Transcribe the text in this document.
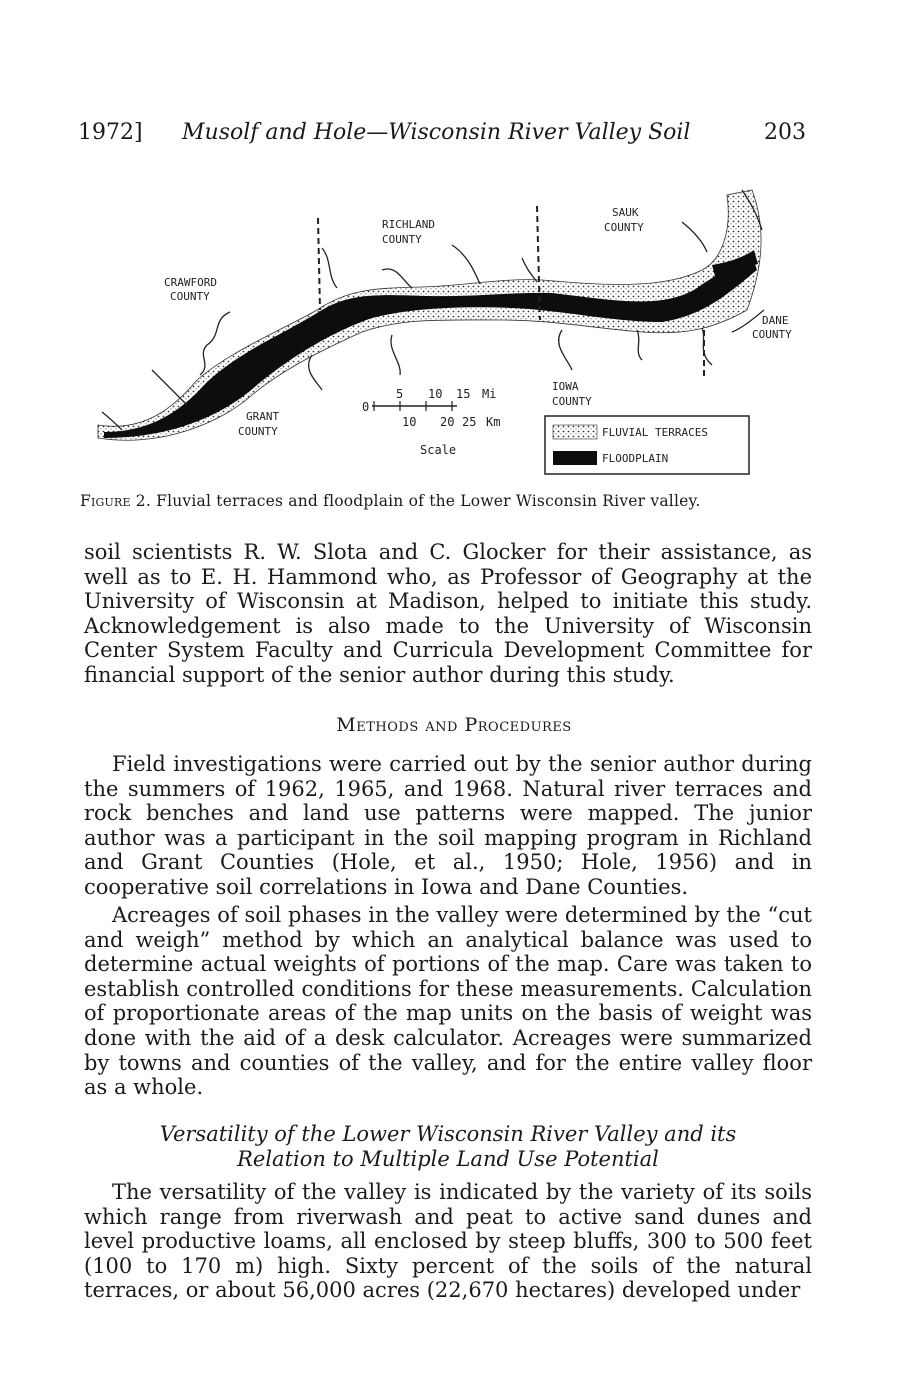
1972] Musolf and Hole—Wisconsin River Valley Soil	203
CRAWFORD
COUNTY
RICHLAND
COUNTY
SAUK
COUNTY
DANE
COUNTY
IOWA
COUNTY
GRANT
COUNTY
0
5 10 15 Mi
10 20 25 Km
Scale
FLUVIAL TERRACES
FLOODPLAIN
Figure 2. Fluvial terraces and floodplain of the Lower Wisconsin River valley.

soil scientists R. W. Slota and C. Glocker for their assistance, as well as to E. H. Hammond who, as Professor of Geography at the University of Wisconsin at Madison, helped to initiate this study. Acknowledgement is also made to the University of Wisconsin Center System Faculty and Curricula Development Committee for financial support of the senior author during this study.

Methods and Procedures

Field investigations were carried out by the senior author during the summers of 1962, 1965, and 1968. Natural river terraces and rock benches and land use patterns were mapped. The junior author was a participant in the soil mapping program in Richland and Grant Counties (Hole, et al., 1950; Hole, 1956) and in cooperative soil correlations in Iowa and Dane Counties.

Acreages of soil phases in the valley were determined by the “cut and weigh” method by which an analytical balance was used to determine actual weights of portions of the map. Care was taken to establish controlled conditions for these measurements. Calculation of proportionate areas of the map units on the basis of weight was done with the aid of a desk calculator. Acreages were summarized by towns and counties of the valley, and for the entire valley floor as a whole.

Versatility of the Lower Wisconsin River Valley and its
Relation to Multiple Land Use Potential

The versatility of the valley is indicated by the variety of its soils which range from riverwash and peat to active sand dunes and level productive loams, all enclosed by steep bluffs, 300 to 500 feet (100 to 170 m) high. Sixty percent of the soils of the natural terraces, or about 56,000 acres (22,670 hectares) developed under
